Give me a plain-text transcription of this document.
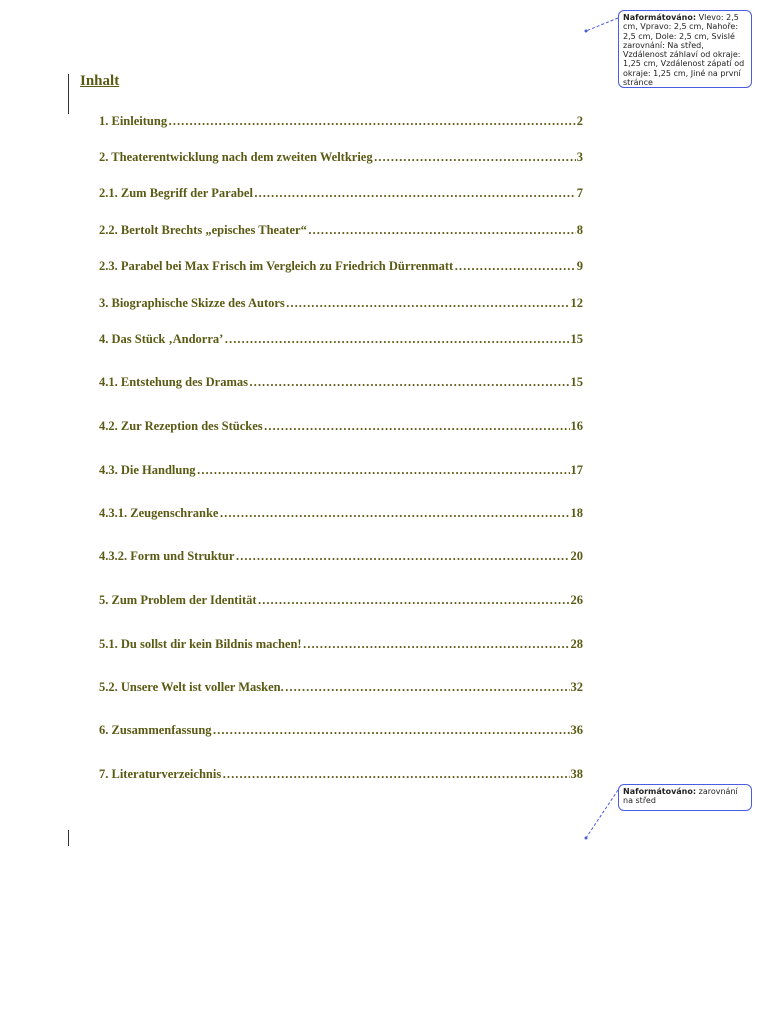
Inhalt
1. Einleitung …………………………………………………………………………………………………………………………………………………………………………………………	2
2. Theaterentwicklung nach dem zweiten Weltkrieg …………………………………………………………………………………………………………………………………………………………………………………………	3
2.1. Zum Begriff der Parabel …………………………………………………………………………………………………………………………………………………………………………………………	7
2.2. Bertolt Brechts „episches Theater“ …………………………………………………………………………………………………………………………………………………………………………………………	8
2.3. Parabel bei Max Frisch im Vergleich zu Friedrich Dürrenmatt …………………………………………………………………………………………………………………………………………………………………………………………	9
3. Biographische Skizze des Autors …………………………………………………………………………………………………………………………………………………………………………………………	12
4. Das Stück ‚Andorra’ …………………………………………………………………………………………………………………………………………………………………………………………	15
4.1. Entstehung des Dramas …………………………………………………………………………………………………………………………………………………………………………………………	15
4.2. Zur Rezeption des Stückes …………………………………………………………………………………………………………………………………………………………………………………………	16
4.3. Die Handlung …………………………………………………………………………………………………………………………………………………………………………………………	17
4.3.1. Zeugenschranke …………………………………………………………………………………………………………………………………………………………………………………………	18
4.3.2. Form und Struktur …………………………………………………………………………………………………………………………………………………………………………………………	20
5. Zum Problem der Identität …………………………………………………………………………………………………………………………………………………………………………………………	26
5.1. Du sollst dir kein Bildnis machen! …………………………………………………………………………………………………………………………………………………………………………………………	28
5.2. Unsere Welt ist voller Masken. …………………………………………………………………………………………………………………………………………………………………………………………	32
6. Zusammenfassung …………………………………………………………………………………………………………………………………………………………………………………………	36
7. Literaturverzeichnis …………………………………………………………………………………………………………………………………………………………………………………………	38
Naformátováno: Vlevo: 2,5 cm, Vpravo: 2,5 cm, Nahoře: 2,5 cm, Dole: 2,5 cm, Svislé zarovnání: Na střed, Vzdálenost záhlaví od okraje: 1,25 cm, Vzdálenost zápatí od okraje: 1,25 cm, Jiné na první stránce
Naformátováno: zarovnání na střed
